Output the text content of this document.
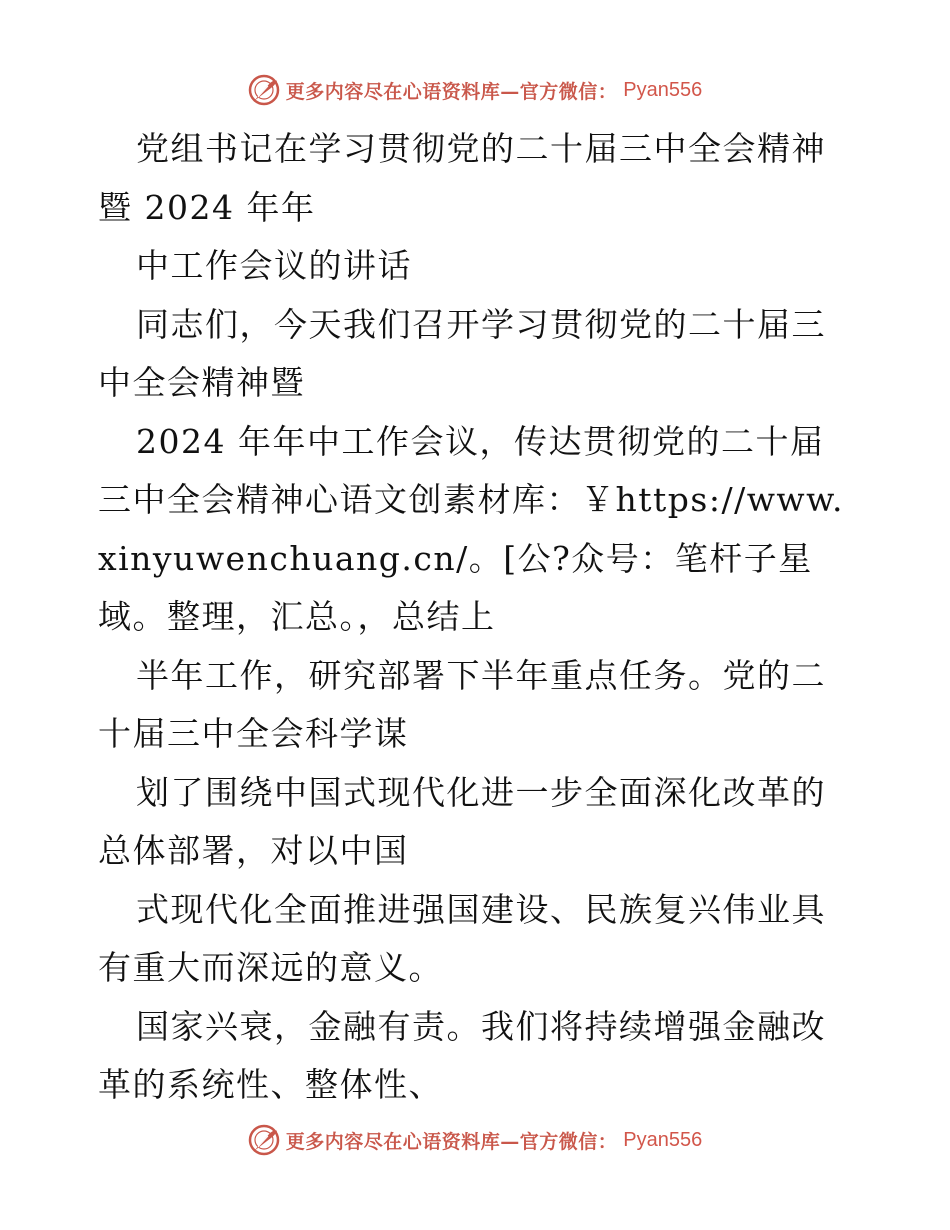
更多内容尽在心语资料库—官方微信： Pyan556

党组书记在学习贯彻党的二十届三中全会精神暨 2024 年年

中工作会议的讲话

同志们，今天我们召开学习贯彻党的二十届三中全会精神暨

2024 年年中工作会议，传达贯彻党的二十届三中全会精神心语文创素材库：￥https://www.xinyuwenchuang.cn/。[公?众号：笔杆子星域。整理，汇总。，总结上

半年工作，研究部署下半年重点任务。党的二十届三中全会科学谋

划了围绕中国式现代化进一步全面深化改革的总体部署，对以中国

式现代化全面推进强国建设、民族复兴伟业具有重大而深远的意义。

国家兴衰，金融有责。我们将持续增强金融改革的系统性、整体性、

更多内容尽在心语资料库—官方微信： Pyan556
